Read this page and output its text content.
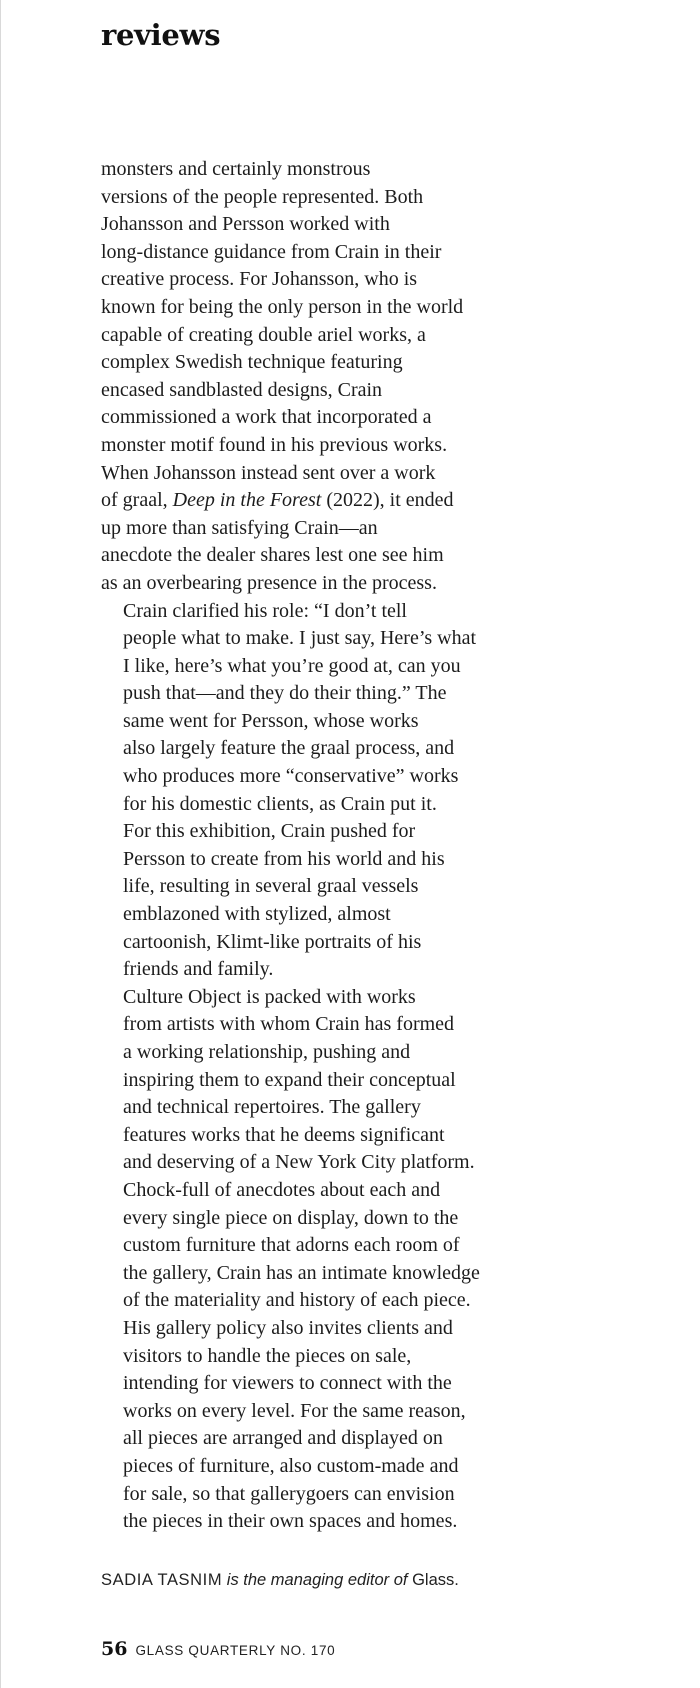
reviews

monsters and certainly monstrous
versions of the people represented. Both
Johansson and Persson worked with
long-distance guidance from Crain in their
creative process. For Johansson, who is
known for being the only person in the world
capable of creating double ariel works, a
complex Swedish technique featuring
encased sandblasted designs, Crain
commissioned a work that incorporated a
monster motif found in his previous works.
When Johansson instead sent over a work
of graal, Deep in the Forest (2022), it ended
up more than satisfying Crain—an
anecdote the dealer shares lest one see him
as an overbearing presence in the process.

Crain clarified his role: “I don’t tell
people what to make. I just say, Here’s what
I like, here’s what you’re good at, can you
push that—and they do their thing.” The
same went for Persson, whose works
also largely feature the graal process, and
who produces more “conservative” works
for his domestic clients, as Crain put it.
For this exhibition, Crain pushed for
Persson to create from his world and his
life, resulting in several graal vessels
emblazoned with stylized, almost
cartoonish, Klimt-like portraits of his
friends and family.

Culture Object is packed with works
from artists with whom Crain has formed
a working relationship, pushing and
inspiring them to expand their conceptual
and technical repertoires. The gallery
features works that he deems significant
and deserving of a New York City platform.
Chock-full of anecdotes about each and
every single piece on display, down to the
custom furniture that adorns each room of
the gallery, Crain has an intimate knowledge
of the materiality and history of each piece.
His gallery policy also invites clients and
visitors to handle the pieces on sale,
intending for viewers to connect with the
works on every level. For the same reason,
all pieces are arranged and displayed on
pieces of furniture, also custom-made and
for sale, so that gallerygoers can envision
the pieces in their own spaces and homes.

SADIA TASNIM is the managing editor of Glass.
56 GLASS QUARTERLY NO. 170
